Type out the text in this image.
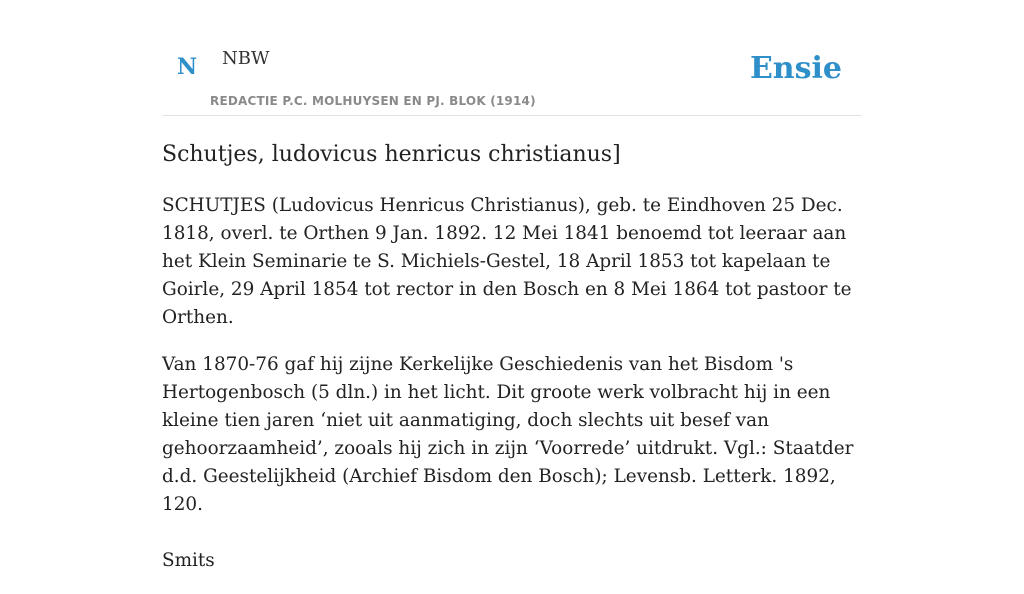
N NBW
REDACTIE P.C. MOLHUYSEN EN PJ. BLOK (1914)
Ensie
Schutjes, ludovicus henricus christianus]

SCHUTJES (Ludovicus Henricus Christianus), geb. te Eindhoven 25 Dec. 1818, overl. te Orthen 9 Jan. 1892. 12 Mei 1841 benoemd tot leeraar aan het Klein Seminarie te S. Michiels-Gestel, 18 April 1853 tot kapelaan te Goirle, 29 April 1854 tot rector in den Bosch en 8 Mei 1864 tot pastoor te Orthen.

Van 1870-76 gaf hij zijne Kerkelijke Geschiedenis van het Bisdom 's Hertogenbosch (5 dln.) in het licht. Dit groote werk volbracht hij in een kleine tien jaren ‘niet uit aanmatiging, doch slechts uit besef van gehoorzaamheid’, zooals hij zich in zijn ‘Voorrede’ uitdrukt. Vgl.: Staatder d.d. Geestelijkheid (Archief Bisdom den Bosch); Levensb. Letterk. 1892, 120.

Smits
